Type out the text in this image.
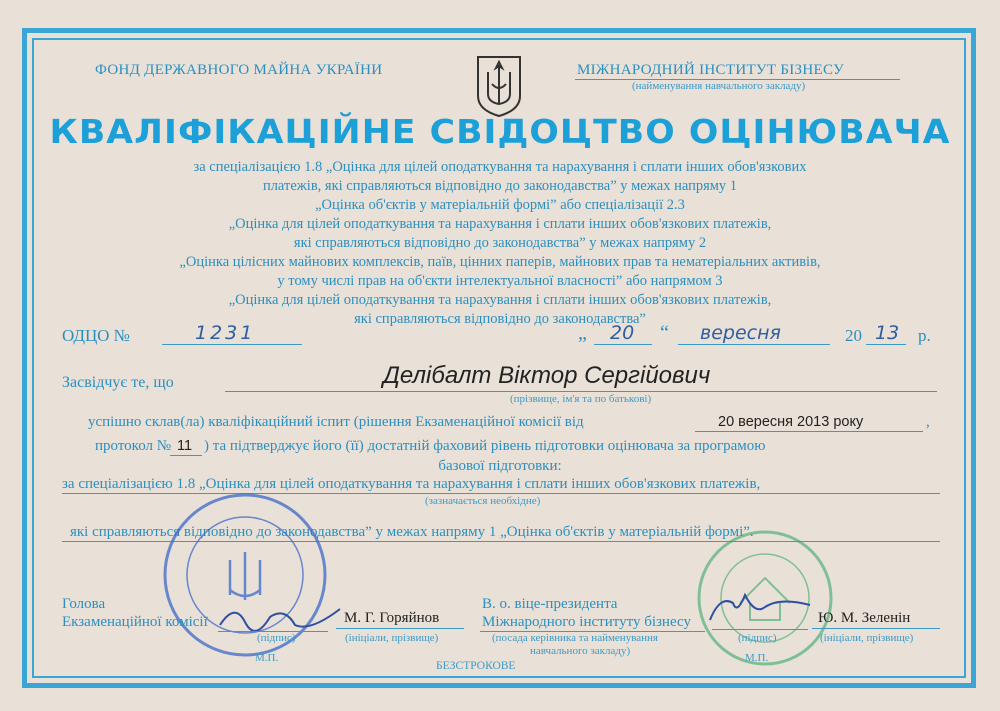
ФОНД ДЕРЖАВНОГО МАЙНА УКРАЇНИ	МІЖНАРОДНИЙ ІНСТИТУТ БІЗНЕСУ
(найменування навчального закладу)
КВАЛІФІКАЦІЙНЕ СВІДОЦТВО ОЦІНЮВАЧА
за спеціалізацією 1.8 „Оцінка для цілей оподаткування та нарахування і сплати інших обов'язкових
платежів, які справляються відповідно до законодавства” у межах напряму 1
„Оцінка об'єктів у матеріальній формі” або спеціалізації 2.3
„Оцінка для цілей оподаткування та нарахування і сплати інших обов'язкових платежів,
які справляються відповідно до законодавства” у межах напряму 2
„Оцінка цілісних майнових комплексів, паїв, цінних паперів, майнових прав та нематеріальних активів,
у тому числі прав на об'єкти інтелектуальної власності” або напрямом 3
„Оцінка для цілей оподаткування та нарахування і сплати інших обов'язкових платежів,
які справляються відповідно до законодавства”
ОДЦО №	1231	„ 20 “ вересня	20 13 р.
Засвідчує те, що	Делібалт Віктор Сергійович
(прізвище, ім'я та по батькові)
успішно склав(ла) кваліфікаційний іспит (рішення Екзаменаційної комісії від	20 вересня 2013 року	,
протокол № 11 ) та підтверджує його (її) достатній фаховий рівень підготовки оцінювача за програмою
базової підготовки:
за спеціалізацією 1.8 „Оцінка для цілей оподаткування та нарахування і сплати інших обов'язкових платежів,
(зазначається необхідне)
які справляються відповідно до законодавства” у межах напряму 1 „Оцінка об'єктів у матеріальній формі”.
Голова
Екзаменаційної комісії
(підпис)
М. Г. Горяйнов
(ініціали, прізвище)
М.П.
В. о. віце-президента
Міжнародного інституту бізнесу
(посада керівника та найменування
навчального закладу)
(підпис)
Ю. М. Зеленін
(ініціали, прізвище)
М.П.
БЕЗСТРОКОВЕ
